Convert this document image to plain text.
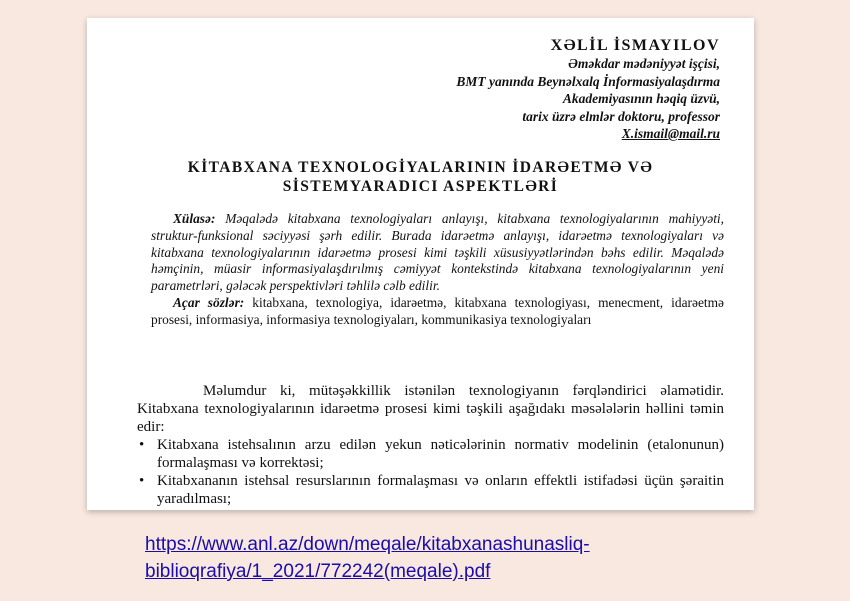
XƏLİL İSMAYILOV
Əməkdar mədəniyyət işçisi,
BMT yanında Beynəlxalq İnformasiyalaşdırma
Akademiyasının həqiq üzvü,
tarix üzrə elmlər doktoru, professor
X.ismail@mail.ru
KİTABXANA TEXNOLOGİYALARININ İDARƏETMƏ VƏ
SİSTEMYARADICI ASPEKTLƏRİ

Xülasə: Məqalədə kitabxana texnologiyaları anlayışı, kitabxana texnologiyalarının mahiyyəti, struktur-funksional səciyyəsi şərh edilir. Burada idarəetmə anlayışı, idarəetmə texnologiyaları və kitabxana texnologiyalarının idarəetmə prosesi kimi təşkili xüsusiyyətlərindən bəhs edilir. Məqalədə həmçinin, müasir informasiyalaşdırılmış cəmiyyət kontekstində kitabxana texnologiyalarının yeni parametrləri, gələcək perspektivləri təhlilə cəlb edilir.

Açar sözlər: kitabxana, texnologiya, idarəetmə, kitabxana texnologiyası, menecment, idarəetmə prosesi, informasiya, informasiya texnologiyaları, kommunikasiya texnologiyaları

Məlumdur ki, mütəşəkkillik istənilən texnologiyanın fərqləndirici əlamətidir. Kitabxana texnologiyalarının idarəetmə prosesi kimi təşkili aşağıdakı məsələlərin həllini təmin edir:

• Kitabxana istehsalının arzu edilən yekun nəticələrinin normativ modelinin (etalonunun) formalaşması və korrektəsi;
• Kitabxananın istehsal resurslarının formalaşması və onların effektli istifadəsi üçün şəraitin yaradılması;
https://www.anl.az/down/meqale/kitabxanashunasliq-
biblioqrafiya/1_2021/772242(meqale).pdf
